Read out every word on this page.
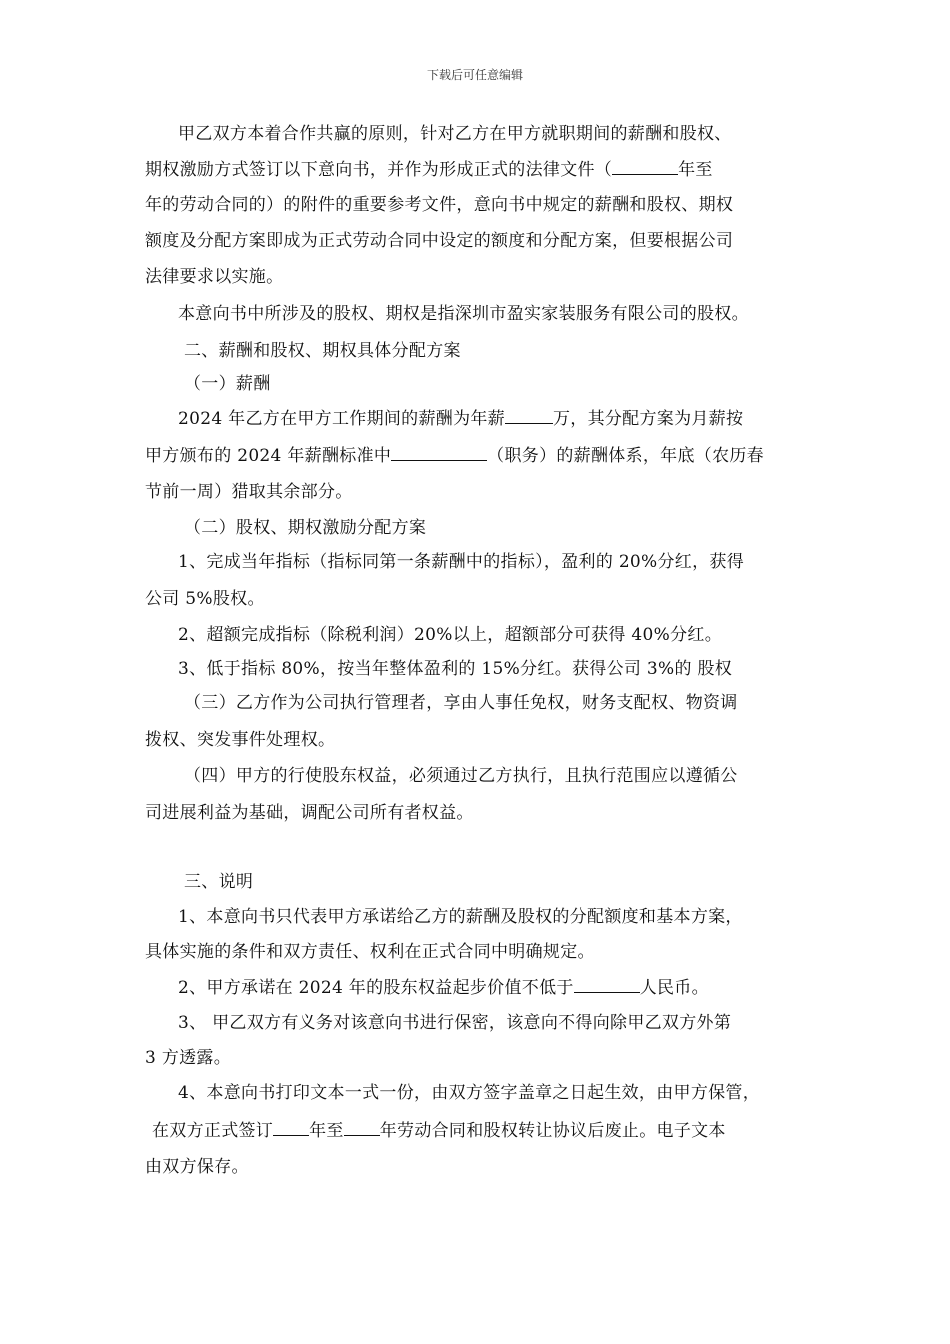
下载后可任意编辑
甲乙双方本着合作共赢的原则，针对乙方在甲方就职期间的薪酬和股权、
期权激励方式签订以下意向书，并作为形成正式的法律文件（	年至
年的劳动合同的）的附件的重要参考文件，意向书中规定的薪酬和股权、期权
额度及分配方案即成为正式劳动合同中设定的额度和分配方案，但要根据公司
法律要求以实施。
本意向书中所涉及的股权、期权是指深圳市盈实家装服务有限公司的股权。
二、薪酬和股权、期权具体分配方案
（一）薪酬
2024 年乙方在甲方工作期间的薪酬为年薪	万，其分配方案为月薪按
甲方颁布的 2024 年薪酬标准中	（职务）的薪酬体系，年底（农历春
节前一周）猎取其余部分。
（二）股权、期权激励分配方案
1、完成当年指标（指标同第一条薪酬中的指标），盈利的 20%分红，获得
公司 5%股权。
2、超额完成指标（除税利润）20%以上，超额部分可获得 40%分红。
3、低于指标 80%，按当年整体盈利的 15%分红。获得公司 3%的 股权
（三）乙方作为公司执行管理者，享由人事任免权，财务支配权、物资调
拨权、突发事件处理权。
（四）甲方的行使股东权益，必须通过乙方执行，且执行范围应以遵循公
司进展利益为基础，调配公司所有者权益。
三、说明
1、本意向书只代表甲方承诺给乙方的薪酬及股权的分配额度和基本方案，
具体实施的条件和双方责任、权利在正式合同中明确规定。
2、甲方承诺在 2024 年的股东权益起步价值不低于	人民币。
3、 甲乙双方有义务对该意向书进行保密，该意向不得向除甲乙双方外第
3 方透露。
4、本意向书打印文本一式一份，由双方签字盖章之日起生效，由甲方保管，
在双方正式签订 年至 年劳动合同和股权转让协议后废止。电子文本
由双方保存。
